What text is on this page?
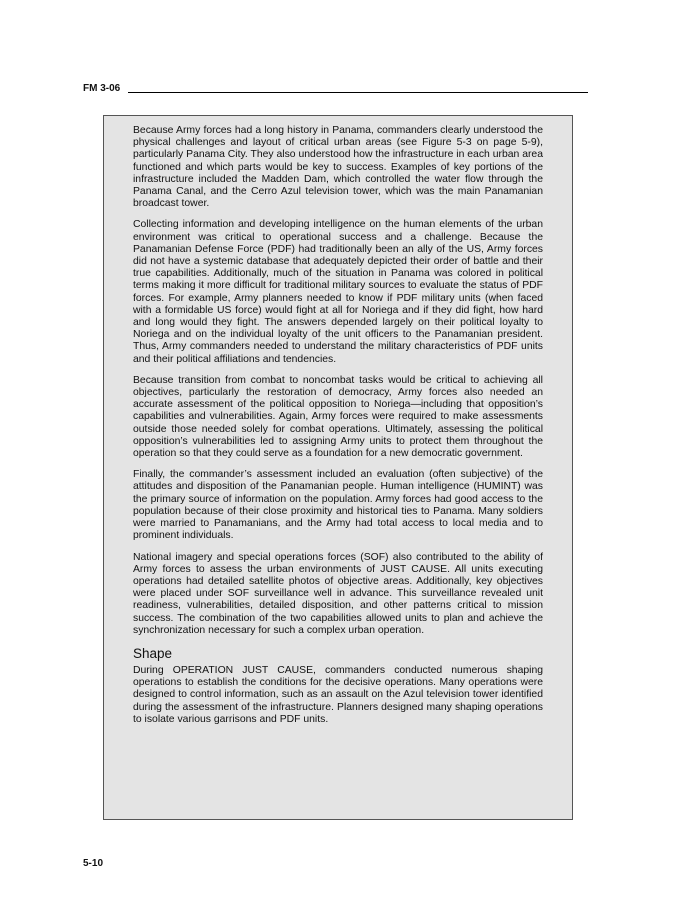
FM 3-06

Because Army forces had a long history in Panama, commanders clearly understood the physical challenges and layout of critical urban areas (see Figure 5-3 on page 5-9), particularly Panama City. They also understood how the infrastructure in each urban area functioned and which parts would be key to success. Examples of key portions of the infrastructure included the Madden Dam, which controlled the water flow through the Panama Canal, and the Cerro Azul television tower, which was the main Panamanian broadcast tower.

Collecting information and developing intelligence on the human elements of the urban environment was critical to operational success and a challenge. Because the Panamanian Defense Force (PDF) had traditionally been an ally of the US, Army forces did not have a systemic database that adequately depicted their order of battle and their true capabilities. Additionally, much of the situation in Panama was colored in political terms making it more difficult for traditional military sources to evaluate the status of PDF forces. For example, Army planners needed to know if PDF military units (when faced with a formidable US force) would fight at all for Noriega and if they did fight, how hard and long would they fight. The answers depended largely on their political loyalty to Noriega and on the individual loyalty of the unit officers to the Panamanian president. Thus, Army commanders needed to understand the military characteristics of PDF units and their political affiliations and tendencies.

Because transition from combat to noncombat tasks would be critical to achieving all objectives, particularly the restoration of democracy, Army forces also needed an accurate assessment of the political opposition to Noriega—including that opposition’s capabilities and vulnerabilities. Again, Army forces were required to make assessments outside those needed solely for combat operations. Ultimately, assessing the political opposition’s vulnerabilities led to assigning Army units to protect them throughout the operation so that they could serve as a foundation for a new democratic government.

Finally, the commander’s assessment included an evaluation (often subjective) of the attitudes and disposition of the Panamanian people. Human intelligence (HUMINT) was the primary source of information on the population. Army forces had good access to the population because of their close proximity and historical ties to Panama. Many soldiers were married to Panamanians, and the Army had total access to local media and to prominent individuals.

National imagery and special operations forces (SOF) also contributed to the ability of Army forces to assess the urban environments of JUST CAUSE. All units executing operations had detailed satellite photos of objective areas. Additionally, key objectives were placed under SOF surveillance well in advance. This surveillance revealed unit readiness, vulnerabilities, detailed disposition, and other patterns critical to mission success. The combination of the two capabilities allowed units to plan and achieve the synchronization necessary for such a complex urban operation.

Shape

During OPERATION JUST CAUSE, commanders conducted numerous shaping operations to establish the conditions for the decisive operations. Many operations were designed to control information, such as an assault on the Azul television tower identified during the assessment of the infrastructure. Planners designed many shaping operations to isolate various garrisons and PDF units.

5-10
